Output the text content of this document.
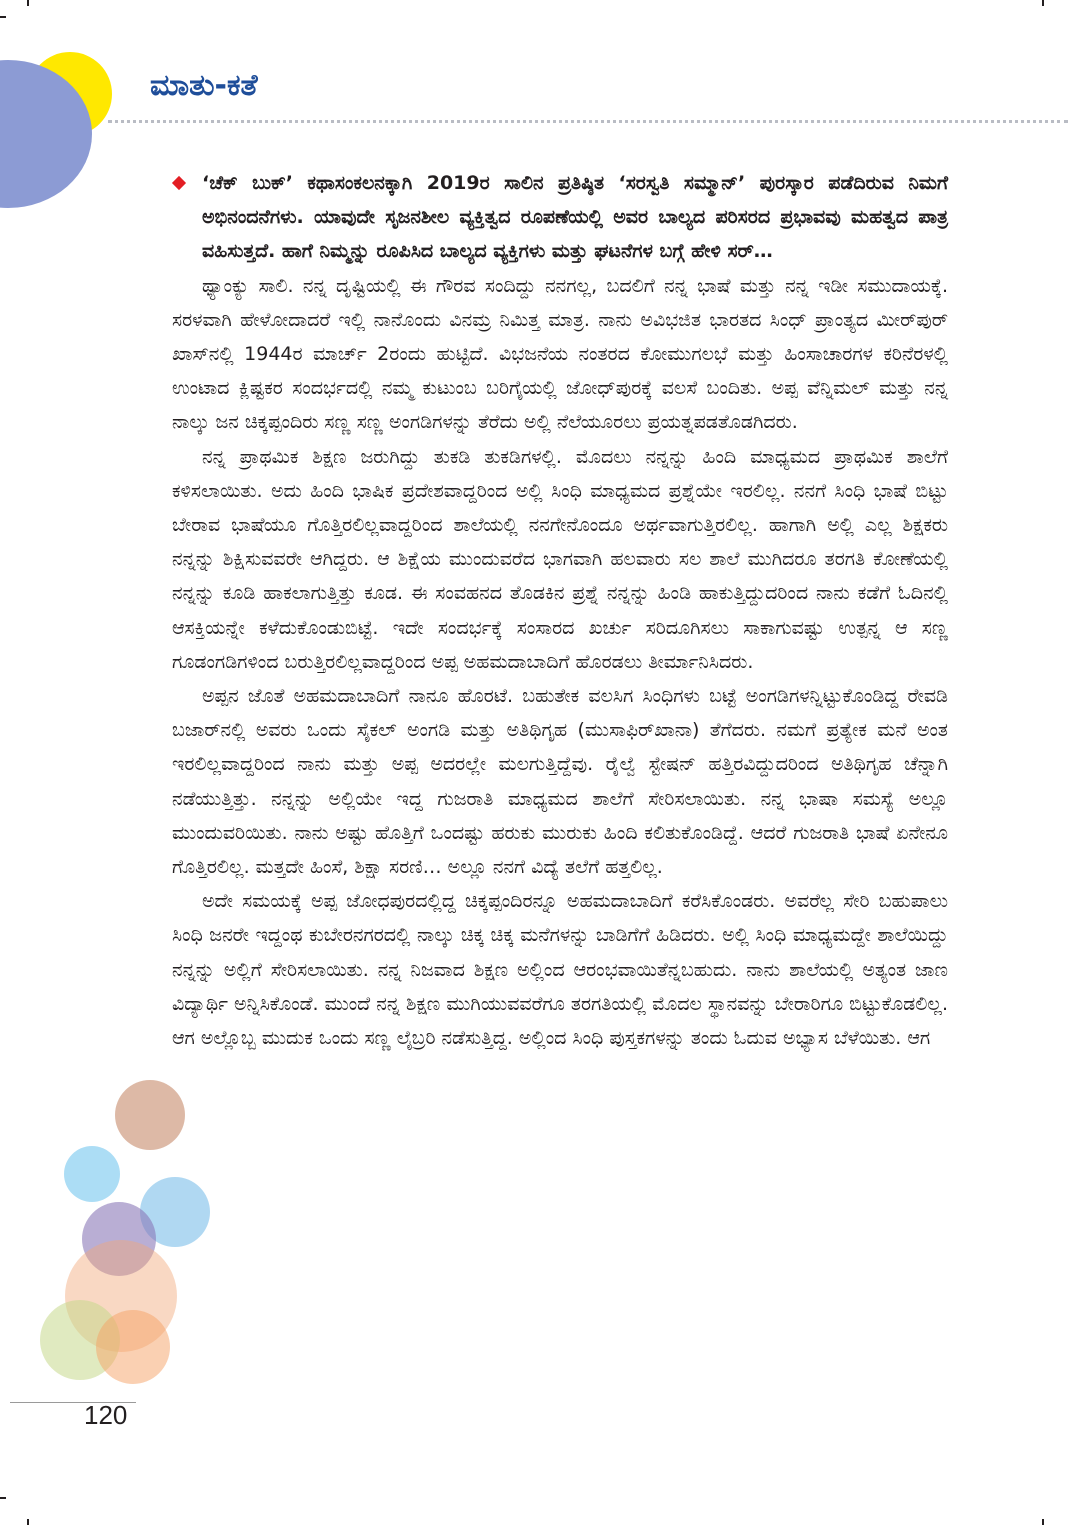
ಮಾತು-ಕತೆ
‘ಚೆಕ್ ಬುಕ್’ ಕಥಾಸಂಕಲನಕ್ಕಾಗಿ 2019ರ ಸಾಲಿನ ಪ್ರತಿಷ್ಠಿತ ‘ಸರಸ್ವತಿ ಸಮ್ಮಾನ್’ ಪುರಸ್ಕಾರ ಪಡೆದಿರುವ ನಿಮಗೆ ಅಭಿನಂದನೆಗಳು. ಯಾವುದೇ ಸೃಜನಶೀಲ ವ್ಯಕ್ತಿತ್ವದ ರೂಪಣೆಯಲ್ಲಿ ಅವರ ಬಾಲ್ಯದ ಪರಿಸರದ ಪ್ರಭಾವವು ಮಹತ್ವದ ಪಾತ್ರ ವಹಿಸುತ್ತದೆ. ಹಾಗೆ ನಿಮ್ಮನ್ನು ರೂಪಿಸಿದ ಬಾಲ್ಯದ ವ್ಯಕ್ತಿಗಳು ಮತ್ತು ಘಟನೆಗಳ ಬಗ್ಗೆ ಹೇಳಿ ಸರ್…

ಥ್ಯಾಂಕ್ಯು ಸಾಲಿ. ನನ್ನ ದೃಷ್ಟಿಯಲ್ಲಿ ಈ ಗೌರವ ಸಂದಿದ್ದು ನನಗಲ್ಲ, ಬದಲಿಗೆ ನನ್ನ ಭಾಷೆ ಮತ್ತು ನನ್ನ ಇಡೀ ಸಮುದಾಯಕ್ಕೆ. ಸರಳವಾಗಿ ಹೇಳೋದಾದರೆ ಇಲ್ಲಿ ನಾನೊಂದು ವಿನಮ್ರ ನಿಮಿತ್ತ ಮಾತ್ರ. ನಾನು ಅವಿಭಜಿತ ಭಾರತದ ಸಿಂಧ್ ಪ್ರಾಂತ್ಯದ ಮೀರ್‌ಪುರ್ ಖಾಸ್‌ನಲ್ಲಿ 1944ರ ಮಾರ್ಚ್ 2ರಂದು ಹುಟ್ಟಿದೆ. ವಿಭಜನೆಯ ನಂತರದ ಕೋಮುಗಲಭೆ ಮತ್ತು ಹಿಂಸಾಚಾರಗಳ ಕರಿನೆರಳಲ್ಲಿ ಉಂಟಾದ ಕ್ಲಿಷ್ಟಕರ ಸಂದರ್ಭದಲ್ಲಿ ನಮ್ಮ ಕುಟುಂಬ ಬರಿಗೈಯಲ್ಲಿ ಜೋಧ್‌ಪುರಕ್ಕೆ ವಲಸೆ ಬಂದಿತು. ಅಪ್ಪ ವೆನ್ನಿಮಲ್ ಮತ್ತು ನನ್ನ ನಾಲ್ಕು ಜನ ಚಿಕ್ಕಪ್ಪಂದಿರು ಸಣ್ಣ ಸಣ್ಣ ಅಂಗಡಿಗಳನ್ನು ತೆರೆದು ಅಲ್ಲಿ ನೆಲೆಯೂರಲು ಪ್ರಯತ್ನಪಡತೊಡಗಿದರು.

ನನ್ನ ಪ್ರಾಥಮಿಕ ಶಿಕ್ಷಣ ಜರುಗಿದ್ದು ತುಕಡಿ ತುಕಡಿಗಳಲ್ಲಿ. ಮೊದಲು ನನ್ನನ್ನು ಹಿಂದಿ ಮಾಧ್ಯಮದ ಪ್ರಾಥಮಿಕ ಶಾಲೆಗೆ ಕಳಿಸಲಾಯಿತು. ಅದು ಹಿಂದಿ ಭಾಷಿಕ ಪ್ರದೇಶವಾದ್ದರಿಂದ ಅಲ್ಲಿ ಸಿಂಧಿ ಮಾಧ್ಯಮದ ಪ್ರಶ್ನೆಯೇ ಇರಲಿಲ್ಲ. ನನಗೆ ಸಿಂಧಿ ಭಾಷೆ ಬಿಟ್ಟು ಬೇರಾವ ಭಾಷೆಯೂ ಗೊತ್ತಿರಲಿಲ್ಲವಾದ್ದರಿಂದ ಶಾಲೆಯಲ್ಲಿ ನನಗೇನೊಂದೂ ಅರ್ಥವಾಗುತ್ತಿರಲಿಲ್ಲ. ಹಾಗಾಗಿ ಅಲ್ಲಿ ಎಲ್ಲ ಶಿಕ್ಷಕರು ನನ್ನನ್ನು ಶಿಕ್ಷಿಸುವವರೇ ಆಗಿದ್ದರು. ಆ ಶಿಕ್ಷೆಯ ಮುಂದುವರೆದ ಭಾಗವಾಗಿ ಹಲವಾರು ಸಲ ಶಾಲೆ ಮುಗಿದರೂ ತರಗತಿ ಕೋಣೆಯಲ್ಲಿ ನನ್ನನ್ನು ಕೂಡಿ ಹಾಕಲಾಗುತ್ತಿತ್ತು ಕೂಡ. ಈ ಸಂವಹನದ ತೊಡಕಿನ ಪ್ರಶ್ನೆ ನನ್ನನ್ನು ಹಿಂಡಿ ಹಾಕುತ್ತಿದ್ದುದರಿಂದ ನಾನು ಕಡೆಗೆ ಓದಿನಲ್ಲಿ ಆಸಕ್ತಿಯನ್ನೇ ಕಳೆದುಕೊಂಡುಬಿಟ್ಟೆ. ಇದೇ ಸಂದರ್ಭಕ್ಕೆ ಸಂಸಾರದ ಖರ್ಚು ಸರಿದೂಗಿಸಲು ಸಾಕಾಗುವಷ್ಟು ಉತ್ಪನ್ನ ಆ ಸಣ್ಣ ಗೂಡಂಗಡಿಗಳಿಂದ ಬರುತ್ತಿರಲಿಲ್ಲವಾದ್ದರಿಂದ ಅಪ್ಪ ಅಹಮದಾಬಾದಿಗೆ ಹೊರಡಲು ತೀರ್ಮಾನಿಸಿದರು.

ಅಪ್ಪನ ಜೊತೆ ಅಹಮದಾಬಾದಿಗೆ ನಾನೂ ಹೊರಟೆ. ಬಹುತೇಕ ವಲಸಿಗ ಸಿಂಧಿಗಳು ಬಟ್ಟೆ ಅಂಗಡಿಗಳನ್ನಿಟ್ಟುಕೊಂಡಿದ್ದ ರೇವಡಿ ಬಜಾರ್‌ನಲ್ಲಿ ಅವರು ಒಂದು ಸೈಕಲ್ ಅಂಗಡಿ ಮತ್ತು ಅತಿಥಿಗೃಹ (ಮುಸಾಫಿರ್‌ಖಾನಾ) ತೆಗೆದರು. ನಮಗೆ ಪ್ರತ್ಯೇಕ ಮನೆ ಅಂತ ಇರಲಿಲ್ಲವಾದ್ದರಿಂದ ನಾನು ಮತ್ತು ಅಪ್ಪ ಅದರಲ್ಲೇ ಮಲಗುತ್ತಿದ್ದೆವು. ರೈಲ್ವೆ ಸ್ಟೇಷನ್ ಹತ್ತಿರವಿದ್ದುದರಿಂದ ಅತಿಥಿಗೃಹ ಚೆನ್ನಾಗಿ ನಡೆಯುತ್ತಿತ್ತು. ನನ್ನನ್ನು ಅಲ್ಲಿಯೇ ಇದ್ದ ಗುಜರಾತಿ ಮಾಧ್ಯಮದ ಶಾಲೆಗೆ ಸೇರಿಸಲಾಯಿತು. ನನ್ನ ಭಾಷಾ ಸಮಸ್ಯೆ ಅಲ್ಲೂ ಮುಂದುವರಿಯಿತು. ನಾನು ಅಷ್ಟು ಹೊತ್ತಿಗೆ ಒಂದಷ್ಟು ಹರುಕು ಮುರುಕು ಹಿಂದಿ ಕಲಿತುಕೊಂಡಿದ್ದೆ. ಆದರೆ ಗುಜರಾತಿ ಭಾಷೆ ಏನೇನೂ ಗೊತ್ತಿರಲಿಲ್ಲ. ಮತ್ತದೇ ಹಿಂಸೆ, ಶಿಕ್ಷಾ ಸರಣಿ… ಅಲ್ಲೂ ನನಗೆ ವಿದ್ಯೆ ತಲೆಗೆ ಹತ್ತಲಿಲ್ಲ.

ಅದೇ ಸಮಯಕ್ಕೆ ಅಪ್ಪ ಜೋಧಪುರದಲ್ಲಿದ್ದ ಚಿಕ್ಕಪ್ಪಂದಿರನ್ನೂ ಅಹಮದಾಬಾದಿಗೆ ಕರೆಸಿಕೊಂಡರು. ಅವರೆಲ್ಲ ಸೇರಿ ಬಹುಪಾಲು ಸಿಂಧಿ ಜನರೇ ಇದ್ದಂಥ ಕುಬೇರನಗರದಲ್ಲಿ ನಾಲ್ಕು ಚಿಕ್ಕ ಚಿಕ್ಕ ಮನೆಗಳನ್ನು ಬಾಡಿಗೆಗೆ ಹಿಡಿದರು. ಅಲ್ಲಿ ಸಿಂಧಿ ಮಾಧ್ಯಮದ್ದೇ ಶಾಲೆಯಿದ್ದು ನನ್ನನ್ನು ಅಲ್ಲಿಗೆ ಸೇರಿಸಲಾಯಿತು. ನನ್ನ ನಿಜವಾದ ಶಿಕ್ಷಣ ಅಲ್ಲಿಂದ ಆರಂಭವಾಯಿತೆನ್ನಬಹುದು. ನಾನು ಶಾಲೆಯಲ್ಲಿ ಅತ್ಯಂತ ಜಾಣ ವಿದ್ಯಾರ್ಥಿ ಅನ್ನಿಸಿಕೊಂಡೆ. ಮುಂದೆ ನನ್ನ ಶಿಕ್ಷಣ ಮುಗಿಯುವವರೆಗೂ ತರಗತಿಯಲ್ಲಿ ಮೊದಲ ಸ್ಥಾನವನ್ನು ಬೇರಾರಿಗೂ ಬಿಟ್ಟುಕೊಡಲಿಲ್ಲ. ಆಗ ಅಲ್ಲೊಬ್ಬ ಮುದುಕ ಒಂದು ಸಣ್ಣ ಲೈಬ್ರರಿ ನಡೆಸುತ್ತಿದ್ದ. ಅಲ್ಲಿಂದ ಸಿಂಧಿ ಪುಸ್ತಕಗಳನ್ನು ತಂದು ಓದುವ ಅಭ್ಯಾಸ ಬೆಳೆಯಿತು. ಆಗ

120
